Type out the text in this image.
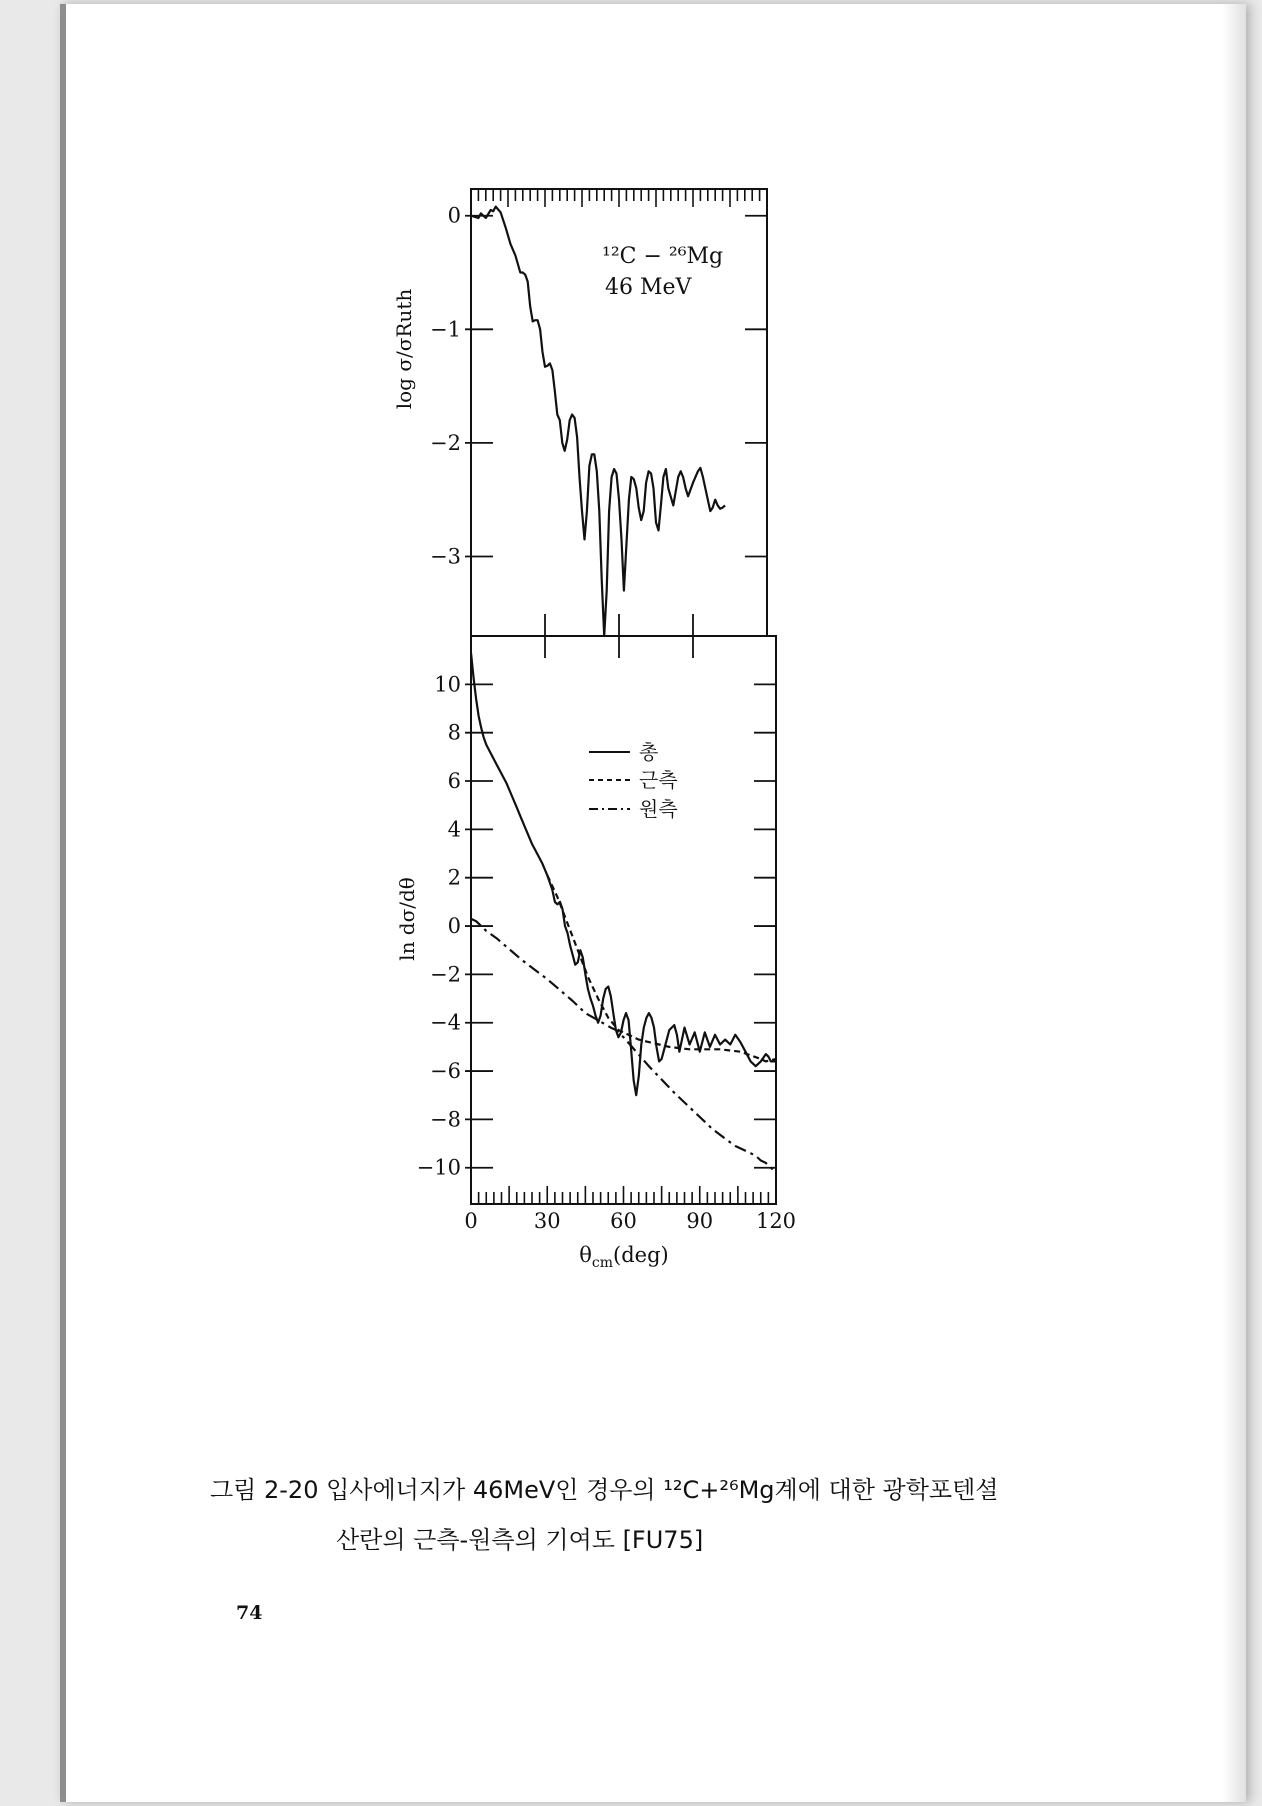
0
−1
−2
−3
0	30 60 90 120
10
8
6
4
2
0
−2
−4
−6
−8
−10
log σ/σRuth
¹²C − ²⁶Mg
46 MeV
ln dσ/dθ
$\theta_{cm}(deg)$
총
근측
원측
그림 2-20 입사에너지가 46MeV인 경우의 ¹²C+²⁶Mg계에 대한 광학포텐셜
산란의 근측-원측의 기여도 [FU75]
74
